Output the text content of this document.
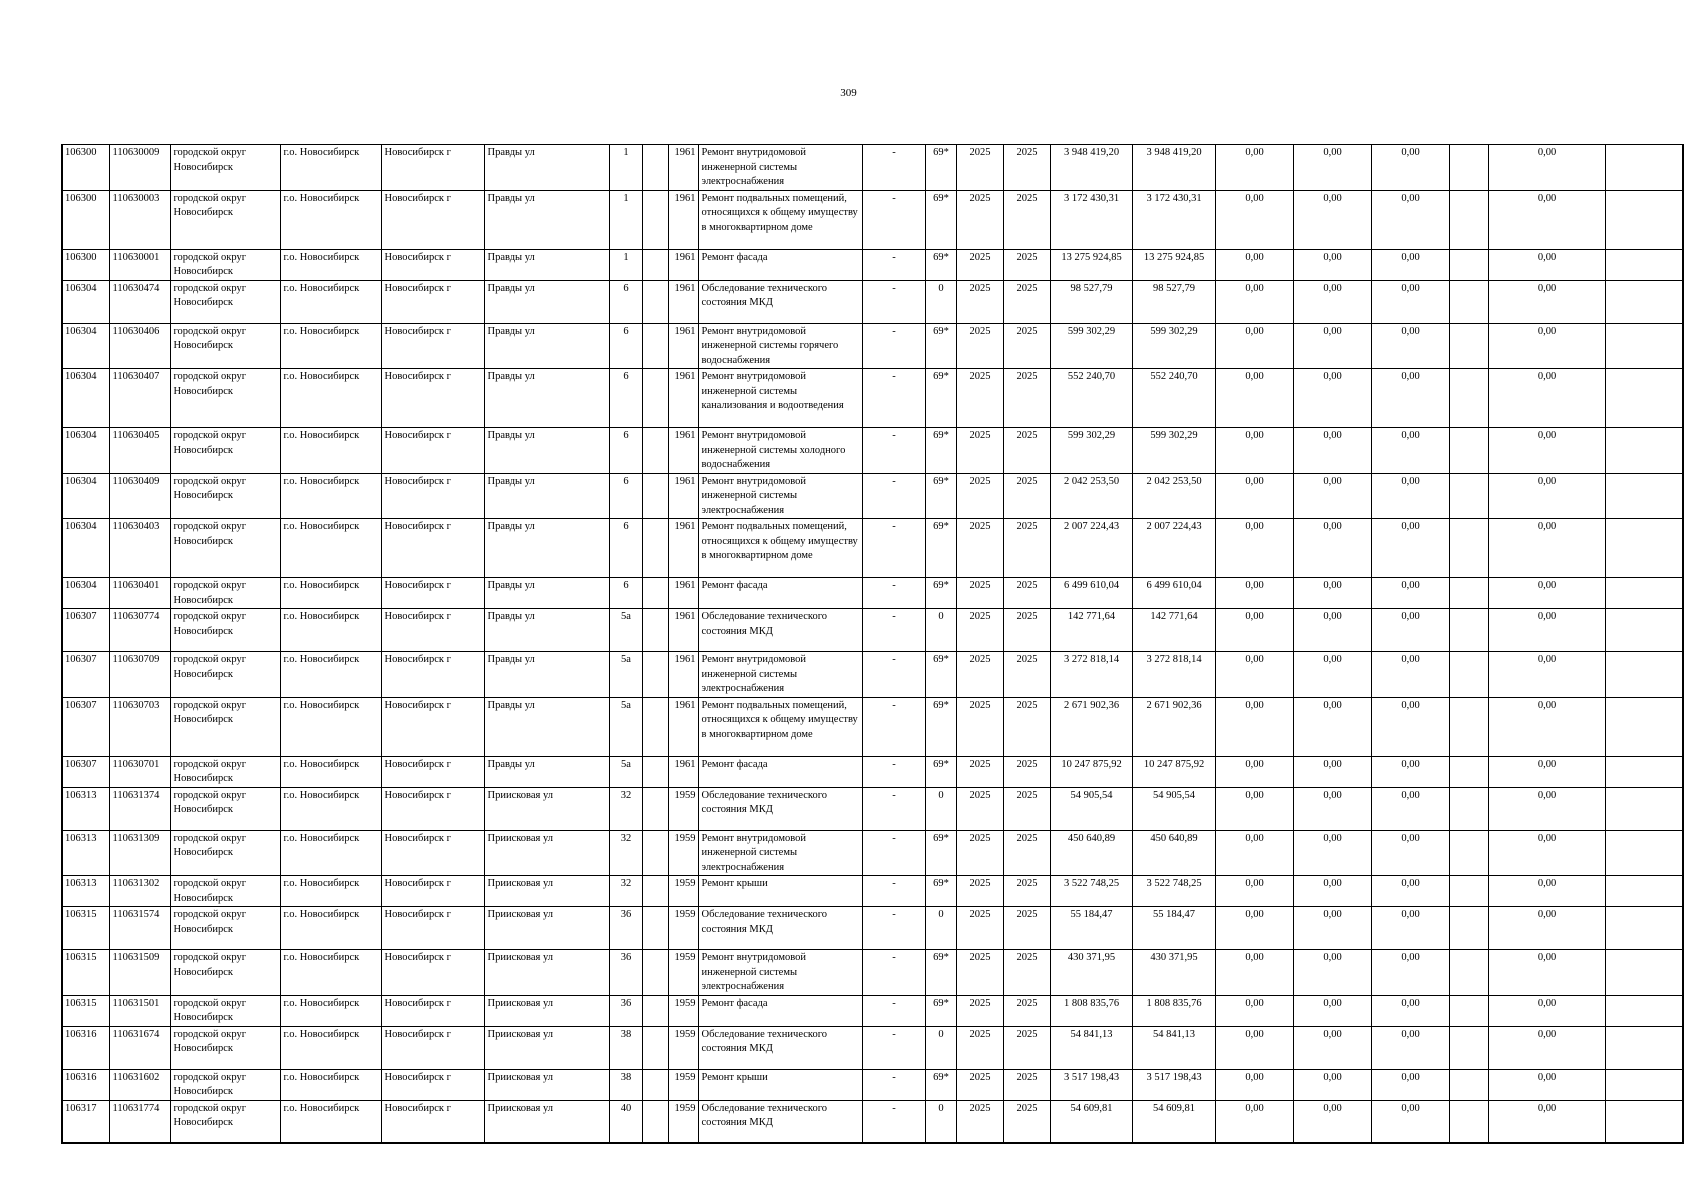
309
106300	110630009	городской округ Новосибирск	г.о. Новосибирск	Новосибирск г	Правды ул	1		1961	Ремонт внутридомовой инженерной системы электроснабжения	-	69*	2025	2025	3 948 419,20	3 948 419,20	0,00	0,00	0,00		0,00	
106300	110630003	городской округ Новосибирск	г.о. Новосибирск	Новосибирск г	Правды ул	1		1961	Ремонт подвальных помещений, относящихся к общему имуществу в многоквартирном доме	-	69*	2025	2025	3 172 430,31	3 172 430,31	0,00	0,00	0,00		0,00	
106300	110630001	городской округ Новосибирск	г.о. Новосибирск	Новосибирск г	Правды ул	1		1961	Ремонт фасада	-	69*	2025	2025	13 275 924,85	13 275 924,85	0,00	0,00	0,00		0,00	
106304	110630474	городской округ Новосибирск	г.о. Новосибирск	Новосибирск г	Правды ул	6		1961	Обследование технического состояния МКД	-	0	2025	2025	98 527,79	98 527,79	0,00	0,00	0,00		0,00	
106304	110630406	городской округ Новосибирск	г.о. Новосибирск	Новосибирск г	Правды ул	6		1961	Ремонт внутридомовой инженерной системы горячего водоснабжения	-	69*	2025	2025	599 302,29	599 302,29	0,00	0,00	0,00		0,00	
106304	110630407	городской округ Новосибирск	г.о. Новосибирск	Новосибирск г	Правды ул	6		1961	Ремонт внутридомовой инженерной системы канализования и водоотведения	-	69*	2025	2025	552 240,70	552 240,70	0,00	0,00	0,00		0,00	
106304	110630405	городской округ Новосибирск	г.о. Новосибирск	Новосибирск г	Правды ул	6		1961	Ремонт внутридомовой инженерной системы холодного водоснабжения	-	69*	2025	2025	599 302,29	599 302,29	0,00	0,00	0,00		0,00	
106304	110630409	городской округ Новосибирск	г.о. Новосибирск	Новосибирск г	Правды ул	6		1961	Ремонт внутридомовой инженерной системы электроснабжения	-	69*	2025	2025	2 042 253,50	2 042 253,50	0,00	0,00	0,00		0,00	
106304	110630403	городской округ Новосибирск	г.о. Новосибирск	Новосибирск г	Правды ул	6		1961	Ремонт подвальных помещений, относящихся к общему имуществу в многоквартирном доме	-	69*	2025	2025	2 007 224,43	2 007 224,43	0,00	0,00	0,00		0,00	
106304	110630401	городской округ Новосибирск	г.о. Новосибирск	Новосибирск г	Правды ул	6		1961	Ремонт фасада	-	69*	2025	2025	6 499 610,04	6 499 610,04	0,00	0,00	0,00		0,00	
106307	110630774	городской округ Новосибирск	г.о. Новосибирск	Новосибирск г	Правды ул	5а		1961	Обследование технического состояния МКД	-	0	2025	2025	142 771,64	142 771,64	0,00	0,00	0,00		0,00	
106307	110630709	городской округ Новосибирск	г.о. Новосибирск	Новосибирск г	Правды ул	5а		1961	Ремонт внутридомовой инженерной системы электроснабжения	-	69*	2025	2025	3 272 818,14	3 272 818,14	0,00	0,00	0,00		0,00	
106307	110630703	городской округ Новосибирск	г.о. Новосибирск	Новосибирск г	Правды ул	5а		1961	Ремонт подвальных помещений, относящихся к общему имуществу в многоквартирном доме	-	69*	2025	2025	2 671 902,36	2 671 902,36	0,00	0,00	0,00		0,00	
106307	110630701	городской округ Новосибирск	г.о. Новосибирск	Новосибирск г	Правды ул	5а		1961	Ремонт фасада	-	69*	2025	2025	10 247 875,92	10 247 875,92	0,00	0,00	0,00		0,00	
106313	110631374	городской округ Новосибирск	г.о. Новосибирск	Новосибирск г	Приисковая ул	32		1959	Обследование технического состояния МКД	-	0	2025	2025	54 905,54	54 905,54	0,00	0,00	0,00		0,00	
106313	110631309	городской округ Новосибирск	г.о. Новосибирск	Новосибирск г	Приисковая ул	32		1959	Ремонт внутридомовой инженерной системы электроснабжения	-	69*	2025	2025	450 640,89	450 640,89	0,00	0,00	0,00		0,00	
106313	110631302	городской округ Новосибирск	г.о. Новосибирск	Новосибирск г	Приисковая ул	32		1959	Ремонт крыши	-	69*	2025	2025	3 522 748,25	3 522 748,25	0,00	0,00	0,00		0,00	
106315	110631574	городской округ Новосибирск	г.о. Новосибирск	Новосибирск г	Приисковая ул	36		1959	Обследование технического состояния МКД	-	0	2025	2025	55 184,47	55 184,47	0,00	0,00	0,00		0,00	
106315	110631509	городской округ Новосибирск	г.о. Новосибирск	Новосибирск г	Приисковая ул	36		1959	Ремонт внутридомовой инженерной системы электроснабжения	-	69*	2025	2025	430 371,95	430 371,95	0,00	0,00	0,00		0,00	
106315	110631501	городской округ Новосибирск	г.о. Новосибирск	Новосибирск г	Приисковая ул	36		1959	Ремонт фасада	-	69*	2025	2025	1 808 835,76	1 808 835,76	0,00	0,00	0,00		0,00	
106316	110631674	городской округ Новосибирск	г.о. Новосибирск	Новосибирск г	Приисковая ул	38		1959	Обследование технического состояния МКД	-	0	2025	2025	54 841,13	54 841,13	0,00	0,00	0,00		0,00	
106316	110631602	городской округ Новосибирск	г.о. Новосибирск	Новосибирск г	Приисковая ул	38		1959	Ремонт крыши	-	69*	2025	2025	3 517 198,43	3 517 198,43	0,00	0,00	0,00		0,00	
106317	110631774	городской округ Новосибирск	г.о. Новосибирск	Новосибирск г	Приисковая ул	40		1959	Обследование технического состояния МКД	-	0	2025	2025	54 609,81	54 609,81	0,00	0,00	0,00		0,00	
